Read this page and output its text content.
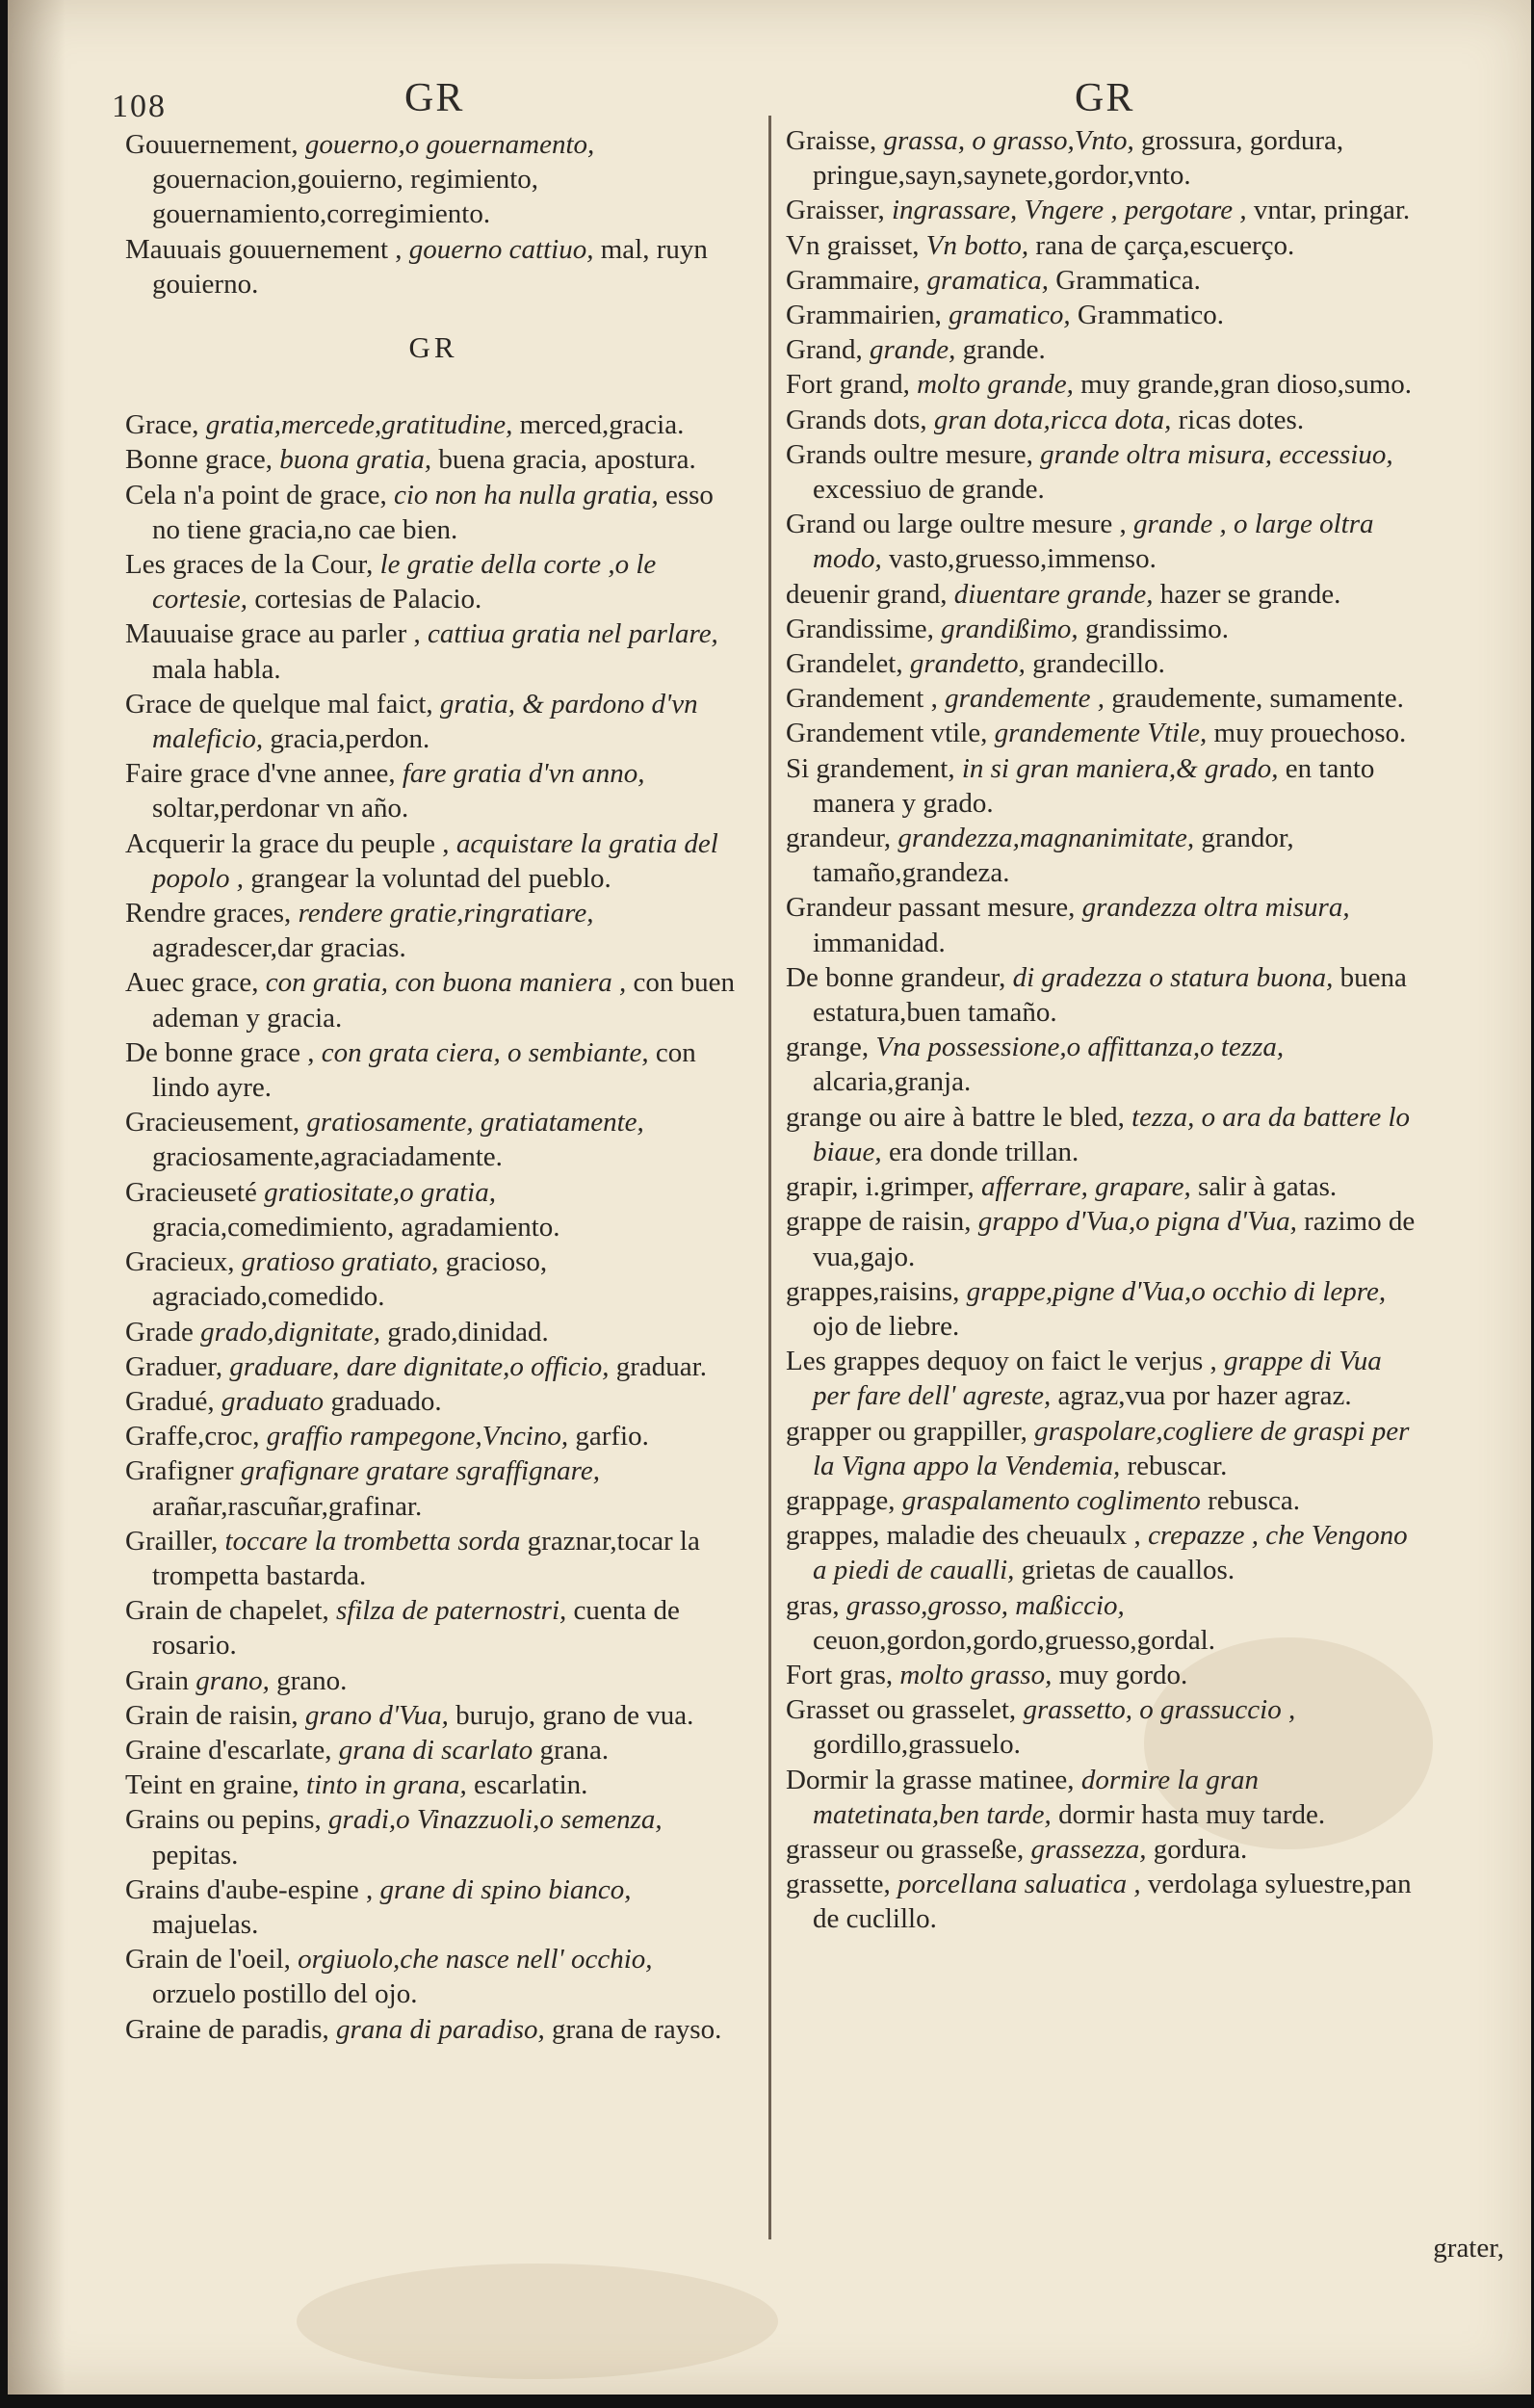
108	GR	GR

Gouuernement, gouerno,o gouernamento, gouernacion,gouierno, regimiento, gouernamiento,corregimiento.

Mauuais gouuernement , gouerno cattiuo, mal, ruyn gouierno.

GR

Grace, gratia,mercede,gratitudine, merced,gracia.

Bonne grace, buona gratia, buena gracia, apostura.

Cela n'a point de grace, cio non ha nulla gratia, esso no tiene gracia,no cae bien.

Les graces de la Cour, le gratie della corte ,o le cortesie, cortesias de Palacio.

Mauuaise grace au parler , cattiua gratia nel parlare, mala habla.

Grace de quelque mal faict, gratia, & pardono d'vn maleficio, gracia,perdon.

Faire grace d'vne annee, fare gratia d'vn anno, soltar,perdonar vn año.

Acquerir la grace du peuple , acquistare la gratia del popolo , grangear la voluntad del pueblo.

Rendre graces, rendere gratie,ringratiare, agradescer,dar gracias.

Auec grace, con gratia, con buona maniera , con buen ademan y gracia.

De bonne grace , con grata ciera, o sembiante, con lindo ayre.

Gracieusement, gratiosamente, gratiatamente, graciosamente,agraciadamente.

Gracieuseté gratiositate,o gratia, gracia,comedimiento, agradamiento.

Gracieux, gratioso gratiato, gracioso, agraciado,comedido.

Grade grado,dignitate, grado,dinidad.

Graduer, graduare, dare dignitate,o officio, graduar.

Gradué, graduato graduado.

Graffe,croc, graffio rampegone,Vncino, garfio.

Grafigner grafignare gratare sgraffignare, arañar,rascuñar,grafinar.

Grailler, toccare la trombetta sorda graznar,tocar la trompetta bastarda.

Grain de chapelet, sfilza de paternostri, cuenta de rosario.

Grain grano, grano.

Grain de raisin, grano d'Vua, burujo, grano de vua.

Graine d'escarlate, grana di scarlato grana.

Teint en graine, tinto in grana, escarlatin.

Grains ou pepins, gradi,o Vinazzuoli,o semenza, pepitas.

Grains d'aube-espine , grane di spino bianco, majuelas.

Grain de l'oeil, orgiuolo,che nasce nell' occhio, orzuelo postillo del ojo.

Graine de paradis, grana di paradiso, grana de rayso.

Graisse, grassa, o grasso,Vnto, grossura, gordura, pringue,sayn,saynete,gordor,vnto.

Graisser, ingrassare, Vngere , pergotare , vntar, pringar.

Vn graisset, Vn botto, rana de çarça,escuerço.

Grammaire, gramatica, Grammatica.

Grammairien, gramatico, Grammatico.

Grand, grande, grande.

Fort grand, molto grande, muy grande,gran dioso,sumo.

Grands dots, gran dota,ricca dota, ricas dotes.

Grands oultre mesure, grande oltra misura, eccessiuo, excessiuo de grande.

Grand ou large oultre mesure , grande , o large oltra modo, vasto,gruesso,immenso.

deuenir grand, diuentare grande, hazer se grande.

Grandissime, grandißimo, grandissimo.

Grandelet, grandetto, grandecillo.

Grandement , grandemente , graudemente, sumamente.

Grandement vtile, grandemente Vtile, muy prouechoso.

Si grandement, in si gran maniera,& grado, en tanto manera y grado.

grandeur, grandezza,magnanimitate, grandor, tamaño,grandeza.

Grandeur passant mesure, grandezza oltra misura, immanidad.

De bonne grandeur, di gradezza o statura buona, buena estatura,buen tamaño.

grange, Vna possessione,o affittanza,o tezza, alcaria,granja.

grange ou aire à battre le bled, tezza, o ara da battere lo biaue, era donde trillan.

grapir, i.grimper, afferrare, grapare, salir à gatas.

grappe de raisin, grappo d'Vua,o pigna d'Vua, razimo de vua,gajo.

grappes,raisins, grappe,pigne d'Vua,o occhio di lepre, ojo de liebre.

Les grappes dequoy on faict le verjus , grappe di Vua per fare dell' agreste, agraz,vua por hazer agraz.

grapper ou grappiller, graspolare,cogliere de graspi per la Vigna appo la Vendemia, rebuscar.

grappage, graspalamento coglimento rebusca.

grappes, maladie des cheuaulx , crepazze , che Vengono a piedi de caualli, grietas de cauallos.

gras, grasso,grosso, maßiccio, ceuon,gordon,gordo,gruesso,gordal.

Fort gras, molto grasso, muy gordo.

Grasset ou grasselet, grassetto, o grassuccio , gordillo,grassuelo.

Dormir la grasse matinee, dormire la gran matetinata,ben tarde, dormir hasta muy tarde.

grasseur ou grasseße, grassezza, gordura.

grassette, porcellana saluatica , verdolaga syluestre,pan de cuclillo.

grater,
